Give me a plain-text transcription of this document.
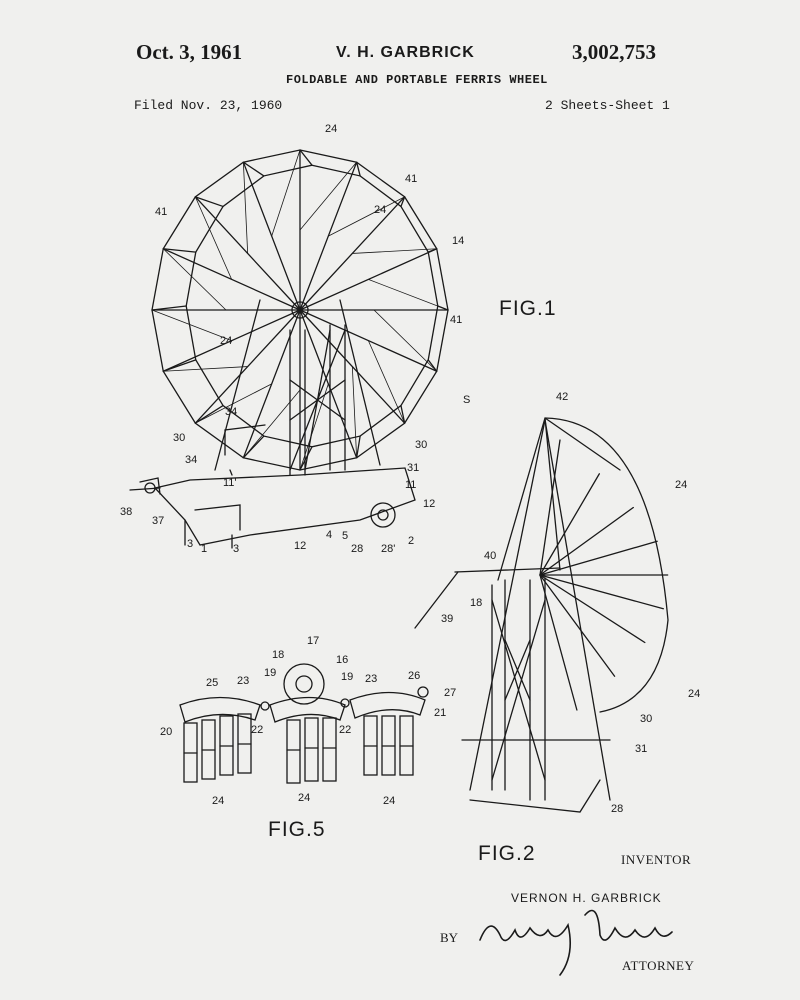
Oct. 3, 1961	V. H. GARBRICK	3,002,753
FOLDABLE AND PORTABLE FERRIS WHEEL
Filed Nov. 23, 1960	2 Sheets-Sheet 1
FIG.1
FIG.2
FIG.5
INVENTOR
VERNON H. GARBRICK
BY
ATTORNEY
24
41
41	24
14
41
24
S
34
30
30
34
31
11'	11
12
38
37
3 1 3	12
4 5
28 28'
2
42
24
40
18
39
24
30
31
28
17
18	16
19	19
23	23
25
26
27
21
20	22	22
24	24	24
